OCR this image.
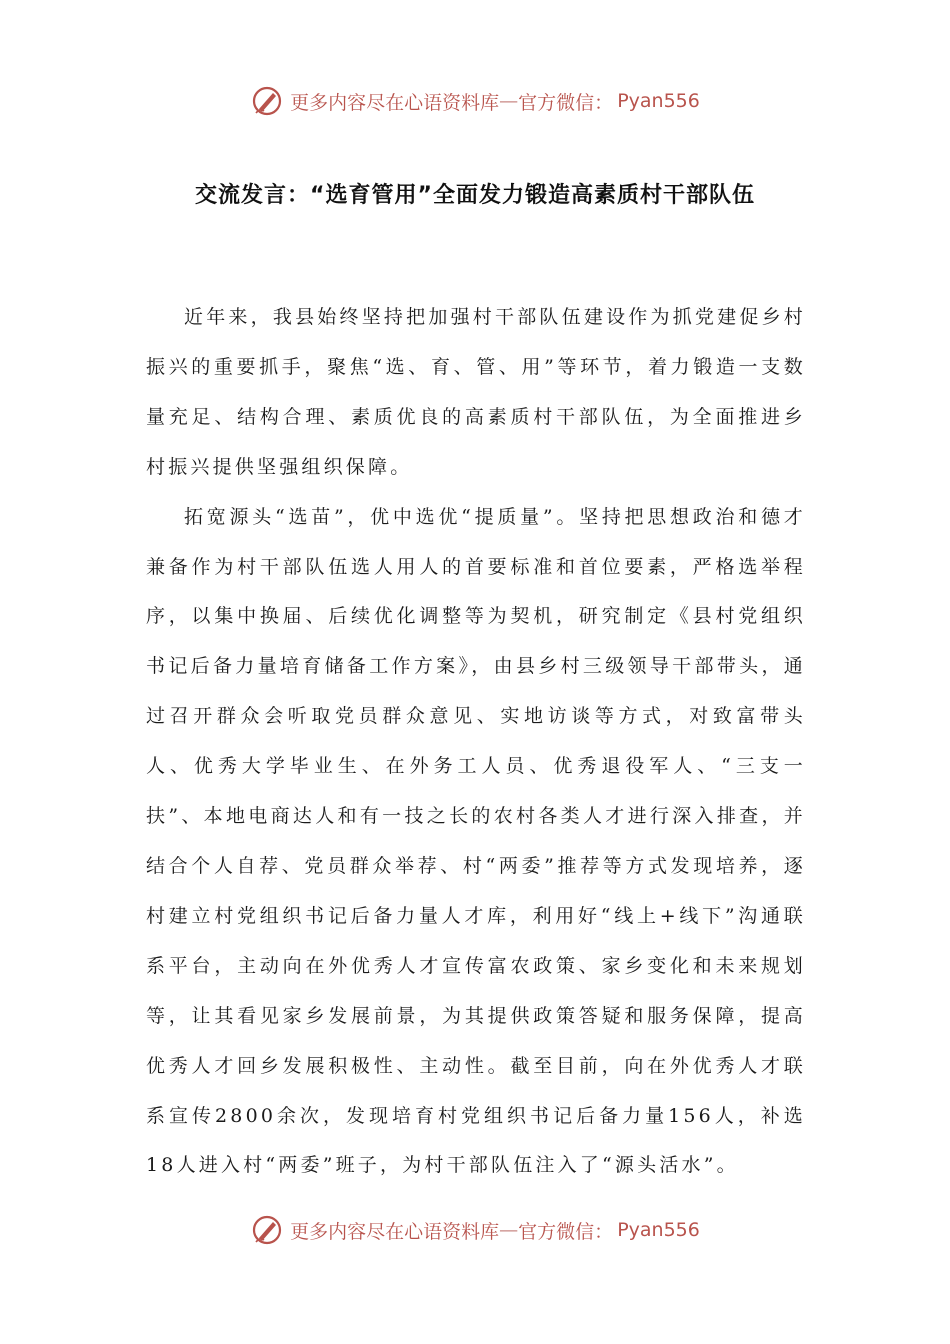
更多内容尽在心语资料库 — 官方微信： Pyan556
交流发言：“选育管用”全面发力锻造高素质村干部队伍

近年来，我县始终坚持把加强村干部队伍建设作为抓党建促乡村振兴的重要抓手，聚焦“选、育、管、用”等环节，着力锻造一支数量充足、结构合理、素质优良的高素质村干部队伍，为全面推进乡村振兴提供坚强组织保障。

拓宽源头“选苗”，优中选优“提质量”。坚持把思想政治和德才兼备作为村干部队伍选人用人的首要标准和首位要素，严格选举程序，以集中换届、后续优化调整等为契机，研究制定《县村党组织书记后备力量培育储备工作方案》，由县乡村三级领导干部带头，通过召开群众会听取党员群众意见、实地访谈等方式，对致富带头人、优秀大学毕业生、在外务工人员、优秀退役军人、“三支一扶”、本地电商达人和有一技之长的农村各类人才进行深入排查，并结合个人自荐、党员群众举荐、村“两委”推荐等方式发现培养，逐村建立村党组织书记后备力量人才库，利用好“线上+线下”沟通联系平台，主动向在外优秀人才宣传富农政策、家乡变化和未来规划等，让其看见家乡发展前景，为其提供政策答疑和服务保障，提高优秀人才回乡发展积极性、主动性。截至目前，向在外优秀人才联系宣传2800余次，发现培育村党组织书记后备力量156人，补选18人进入村“两委”班子，为村干部队伍注入了“源头活水”。

更多内容尽在心语资料库 — 官方微信： Pyan556
